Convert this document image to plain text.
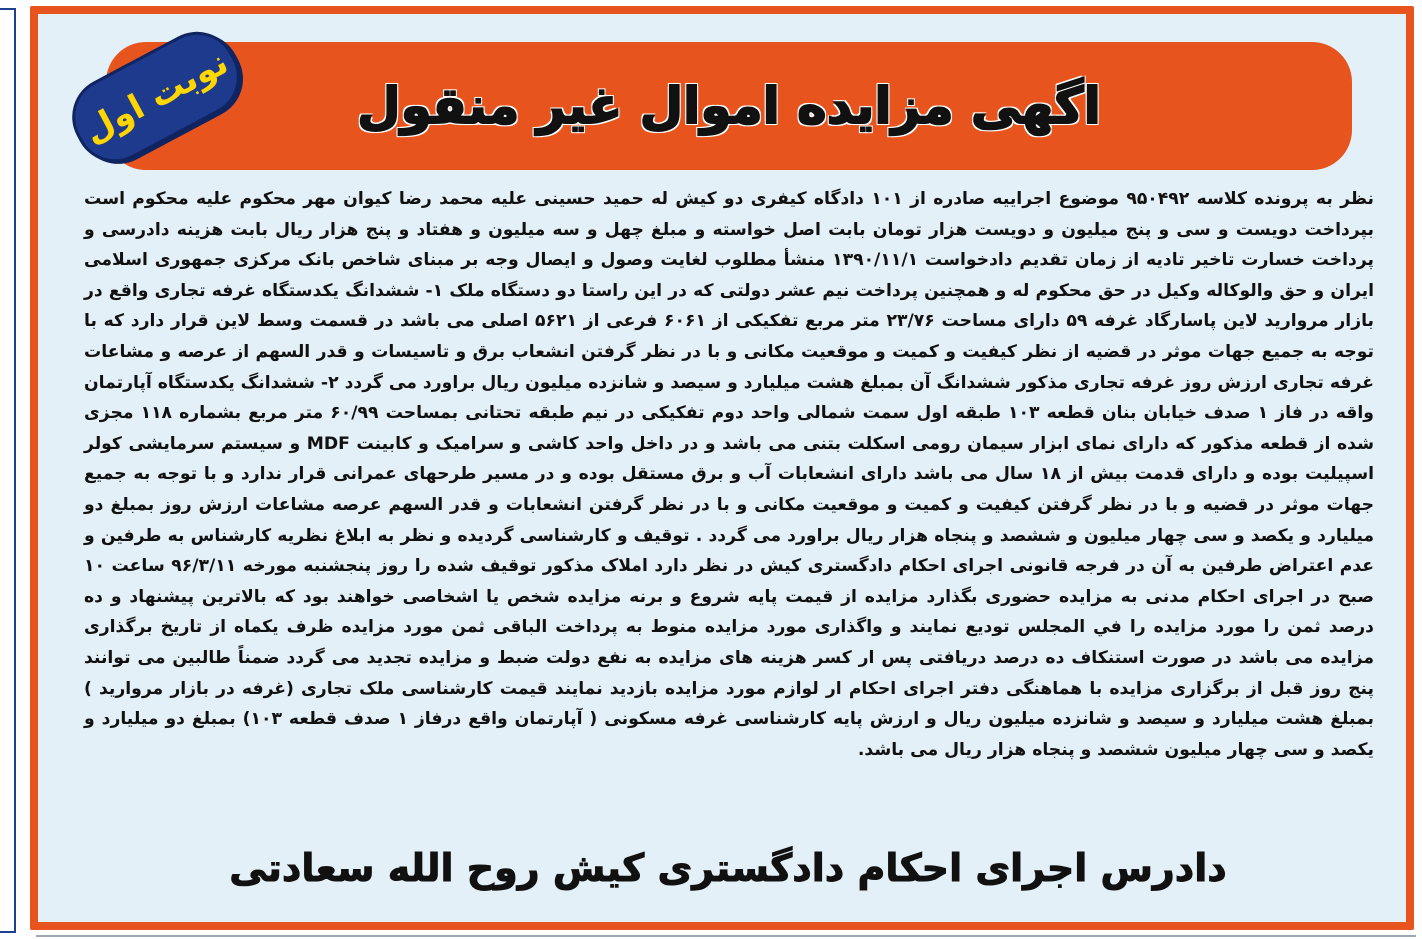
اگهی مزایده اموال غیر منقول
نوبت اول
نظر به پرونده کلاسه ۹۵۰۴۹۲ موضوع اجراییه صادره از ۱۰۱ دادگاه کیفری دو کیش له حمید حسینی علیه محمد رضا کیوان مهر محکوم علیه محکوم است بپرداخت دویست و سی و پنج میلیون و دویست هزار تومان بابت اصل خواسته و مبلغ چهل و سه میلیون و هفتاد و پنج هزار ریال بابت هزینه دادرسی و پرداخت خسارت تاخیر تادیه از زمان تقدیم دادخواست ۱۳۹۰/۱۱/۱ منشأ مطلوب لغایت وصول و ایصال وجه بر مبنای شاخص بانک مرکزی جمهوری اسلامی ایران و حق والوکاله وکیل در حق محکوم له و همچنین پرداخت نیم عشر دولتی که در این راستا دو دستگاه ملک ۱- ششدانگ یکدستگاه غرفه تجاری واقع در بازار مروارید لاین پاسارگاد غرفه ۵۹ دارای مساحت ۲۳/۷۶ متر مربع تفکیکی از ۶۰۶۱ فرعی از ۵۶۲۱ اصلی می باشد در قسمت وسط لاین قرار دارد که با توجه به جمیع جهات موثر در قضیه از نظر کیفیت و کمیت و موقعیت مکانی و با در نظر گرفتن انشعاب برق و تاسیسات و قدر السهم از عرصه و مشاعات غرفه تجاری ارزش روز غرفه تجاری مذکور ششدانگ آن بمبلغ هشت میلیارد و سیصد و شانزده میلیون ریال براورد می گردد ۲- ششدانگ یکدستگاه آپارتمان واقه در فاز ۱ صدف خیابان بنان قطعه ۱۰۳ طبقه اول سمت شمالی واحد دوم تفکیکی در نیم طبقه تحتانی بمساحت ۶۰/۹۹ متر مربع بشماره ۱۱۸ مجزی شده از قطعه مذکور که دارای نمای ابزار سیمان رومی اسکلت بتنی می باشد و در داخل واحد کاشی و سرامیک و کابینت MDF و سیستم سرمایشی کولر اسپیلیت بوده و دارای قدمت بیش از ۱۸ سال می باشد دارای انشعابات آب و برق مستقل بوده و در مسیر طرحهای عمرانی قرار ندارد و با توجه به جمیع جهات موثر در قضیه و با در نظر گرفتن کیفیت و کمیت و موقعیت مکانی و با در نظر گرفتن انشعابات و قدر السهم عرصه مشاعات ارزش روز بمبلغ دو میلیارد و یکصد و سی چهار میلیون و ششصد و پنجاه هزار ریال براورد می گردد . توقیف و کارشناسی گردیده و نظر به ابلاغ نظریه کارشناس به طرفین و عدم اعتراض طرفین به آن در فرجه قانونی اجرای احکام دادگستری کیش در نظر دارد املاک مذکور توقیف شده را روز پنجشنبه مورخه ۹۶/۳/۱۱ ساعت ۱۰ صبح در اجرای احکام مدنی به مزایده حضوری بگذارد مزایده از قیمت پایه شروع و برنه مزایده شخص یا اشخاصی خواهند بود که بالاترین پیشنهاد و ده درصد ثمن را مورد مزایده را في المجلس تودیع نمایند و واگذاری مورد مزایده منوط به پرداخت الباقی ثمن مورد مزایده ظرف یکماه از تاریخ برگذاری مزایده می باشد در صورت استنکاف ده درصد دریافتی پس ار کسر هزینه های مزایده به نفع دولت ضبط و مزایده تجدید می گردد ضمناً طالبین می توانند پنج روز قبل از برگزاری مزایده با هماهنگی دفتر اجرای احکام ار لوازم مورد مزایده بازدید نمایند قیمت کارشناسی ملک تجاری (غرفه در بازار مروارید ) بمبلغ هشت میلیارد و سیصد و شانزده میلیون ریال و ارزش پایه کارشناسی غرفه مسکونی ( آپارتمان واقع درفاز ۱ صدف قطعه ۱۰۳) بمبلغ دو میلیارد و یکصد و سی چهار میلیون ششصد و پنجاه هزار ریال می باشد.
دادرس اجرای احکام دادگستری کیش روح الله سعادتی
